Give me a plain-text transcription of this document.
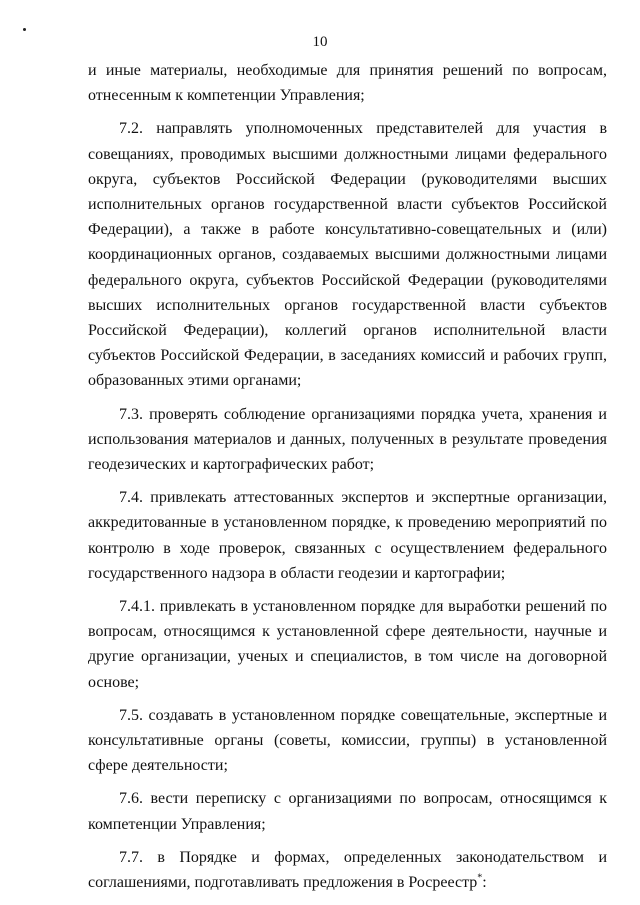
10

и иные материалы, необходимые для принятия решений по вопросам, отнесенным к компетенции Управления;

7.2. направлять уполномоченных представителей для участия в совещаниях, проводимых высшими должностными лицами федерального округа, субъектов Российской Федерации (руководителями высших исполнительных органов государственной власти субъектов Российской Федерации), а также в работе консультативно-совещательных и (или) координационных органов, создаваемых высшими должностными лицами федерального округа, субъектов Российской Федерации (руководителями высших исполнительных органов государственной власти субъектов Российской Федерации), коллегий органов исполнительной власти субъектов Российской Федерации, в заседаниях комиссий и рабочих групп, образованных этими органами;

7.3. проверять соблюдение организациями порядка учета, хранения и использования материалов и данных, полученных в результате проведения геодезических и картографических работ;

7.4. привлекать аттестованных экспертов и экспертные организации, аккредитованные в установленном порядке, к проведению мероприятий по контролю в ходе проверок, связанных с осуществлением федерального государственного надзора в области геодезии и картографии;

7.4.1. привлекать в установленном порядке для выработки решений по вопросам, относящимся к установленной сфере деятельности, научные и другие организации, ученых и специалистов, в том числе на договорной основе;

7.5. создавать в установленном порядке совещательные, экспертные и консультативные органы (советы, комиссии, группы) в установленной сфере деятельности;

7.6. вести переписку с организациями по вопросам, относящимся к компетенции Управления;

7.7. в Порядке и формах, определенных законодательством и соглашениями, подготавливать предложения в Росреестр*:
